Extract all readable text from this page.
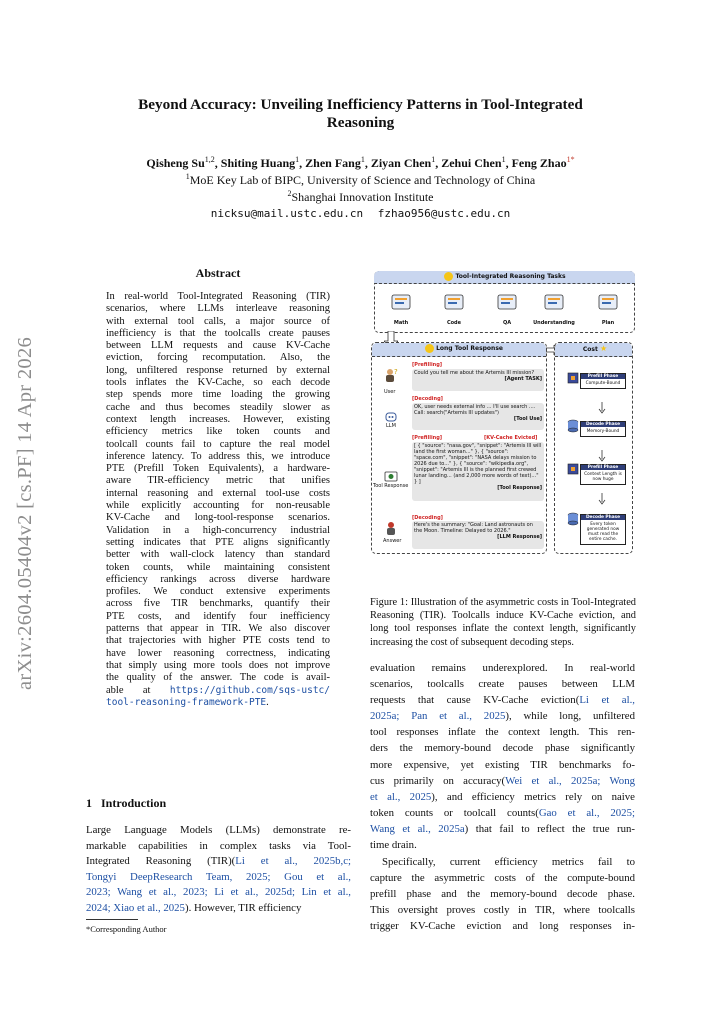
arXiv:2604.05404v2 [cs.PF] 14 Apr 2026
Beyond Accuracy: Unveiling Inefficiency Patterns in Tool-Integrated
Reasoning
Qisheng Su$^{1,2}$, Shiting Huang$^1$, Zhen Fang$^1$, Ziyan Chen$^1$, Zehui Chen$^1$, Feng Zhao$^{1*}$
$^1$MoE Key Lab of BIPC, University of Science and Technology of China
$^2$Shanghai Innovation Institute
nicksu@mail.ustc.edu.cn fzhao956@ustc.edu.cn
Abstract

In real-world Tool-Integrated Reasoning (TIR)

scenarios, where LLMs interleave reasoning

with external tool calls, a major source of

inefficiency is that the toolcalls create pauses

between LLM requests and cause KV-Cache

eviction, forcing recomputation. Also, the

long, unfiltered response returned by external

tools inflates the KV-Cache, so each decode

step spends more time loading the growing

cache and thus becomes steadily slower as

context length increases. However, existing

efficiency metrics like token counts and

toolcall counts fail to capture the real model

inference latency. To address this, we introduce

PTE (Prefill Token Equivalents), a hardware-

aware TIR-efficiency metric that unifies

internal reasoning and external tool-use costs

while explicitly accounting for non-reusable

KV-Cache and long-tool-response scenarios.

Validation in a high-concurrency industrial

setting indicates that PTE aligns significantly

better with wall-clock latency than standard

token counts, while maintaining consistent

efficiency rankings across diverse hardware

profiles. We conduct extensive experiments

across five TIR benchmarks, quantify their

PTE costs, and identify four inefficiency

patterns that appear in TIR. We also discover

that trajectories with higher PTE costs tend to

have lower reasoning correctness, indicating

that simply using more tools does not improve

the quality of the answer. The code is avail-

able at https://github.com/sqs-ustc/

tool-reasoning-framework-PTE.

1 Introduction

Large Language Models (LLMs) demonstrate re-

markable capabilities in complex tasks via Tool-

Integrated Reasoning (TIR)(Li et al., 2025b,c;

Tongyi DeepResearch Team, 2025; Gou et al.,

2023; Wang et al., 2023; Li et al., 2025d; Lin et al.,

2024; Xiao et al., 2025). However, TIR efficiency

*Corresponding Author
Tool-Integrated Reasoning Tasks
Math	Code	QA	Understanding	Plan
Long Tool Response	Cost ★
[Prefilling]
Could you tell me about the Artemis III mission?
[Agent TASK]
[Decoding]
OK, user needs external info ... I'll use search .... Call: search("Artemis III updates")
[Tool Use]
[Prefilling]	[KV-Cache Evicted]
[ { "source": "nasa.gov", "snippet": "Artemis III will land the first woman..." }, { "source": "space.com", "snippet": "NASA delays mission to 2026 due to..." }, { "source": "wikipedia.org", "snippet": "Artemis III is the planned first crewed lunar landing... (and 2,000 more words of text)..." } ]
[Tool Response]
[Decoding]
Here's the summary: "Goal: Land astronauts on the Moon. Timeline: Delayed to 2026."
[LLM Response]
?
User
LLM
Tool Response
Answer
Prefill Phase
Compute-Bound
Decode Phase
Memory-Bound
Prefill Phase
Context Length is now huge
Decode Phase
Every token generated now must read the entire cache.
Figure 1: Illustration of the asymmetric costs in Tool-Integrated Reasoning (TIR). Toolcalls induce KV-Cache eviction, and long tool responses inflate the context length, significantly increasing the cost of subsequent decoding steps.

evaluation remains underexplored. In real-world

scenarios, toolcalls create pauses between LLM

requests that cause KV-Cache eviction(Li et al.,

2025a; Pan et al., 2025), while long, unfiltered

tool responses inflate the context length. This ren-

ders the memory-bound decode phase significantly

more expensive, yet existing TIR benchmarks fo-

cus primarily on accuracy(Wei et al., 2025a; Wong

et al., 2025), and efficiency metrics rely on naive

token counts or toolcall counts(Gao et al., 2025;

Wang et al., 2025a) that fail to reflect the true run-

time drain.

Specifically, current efficiency metrics fail to

capture the asymmetric costs of the compute-bound

prefill phase and the memory-bound decode phase.

This oversight proves costly in TIR, where toolcalls

trigger KV-Cache eviction and long responses in-
